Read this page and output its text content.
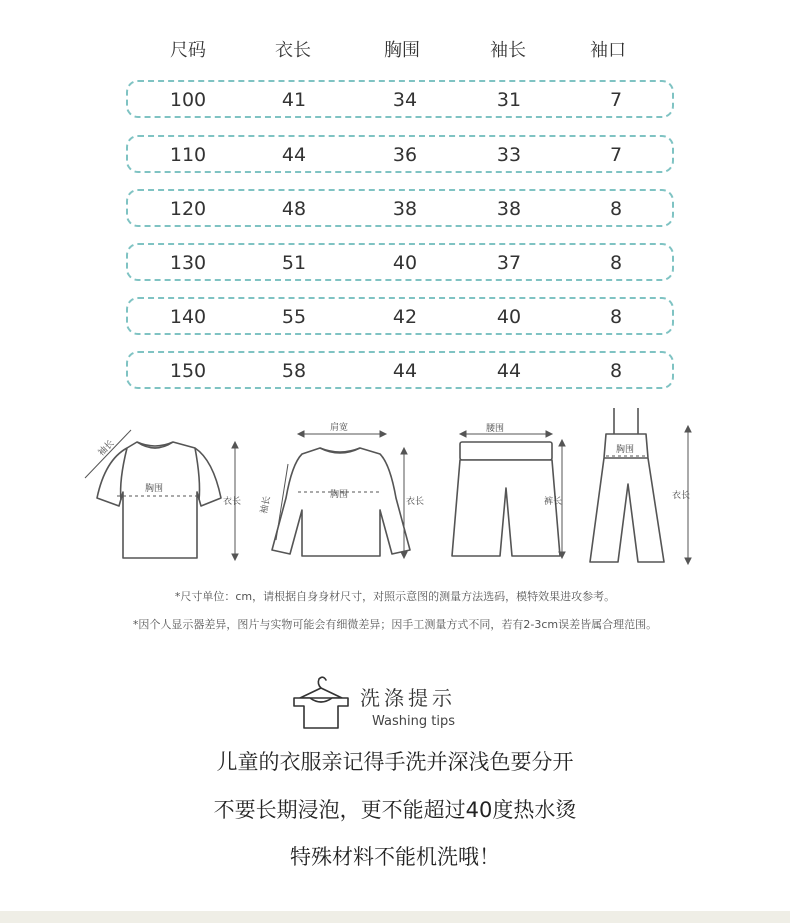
尺码	衣长	胸围	袖长	袖口
100	41	34	31	7
110	44	36	33	7
120	48	38	38	8
130	51	40	37	8
140	55	42	40	8
150	58	44	44	8
袖长
胸围
衣长
肩宽
胸围
衣长
袖长
腰围
裤长
胸围
衣长
*尺寸单位：cm，请根据自身身材尺寸，对照示意图的测量方法选码，模特效果进攻参考。
*因个人显示器差异，图片与实物可能会有细微差异；因手工测量方式不同，若有2-3cm误差皆属合理范围。
洗涤提示
Washing tips
儿童的衣服亲记得手洗并深浅色要分开
不要长期浸泡，更不能超过40度热水烫
特殊材料不能机洗哦！
